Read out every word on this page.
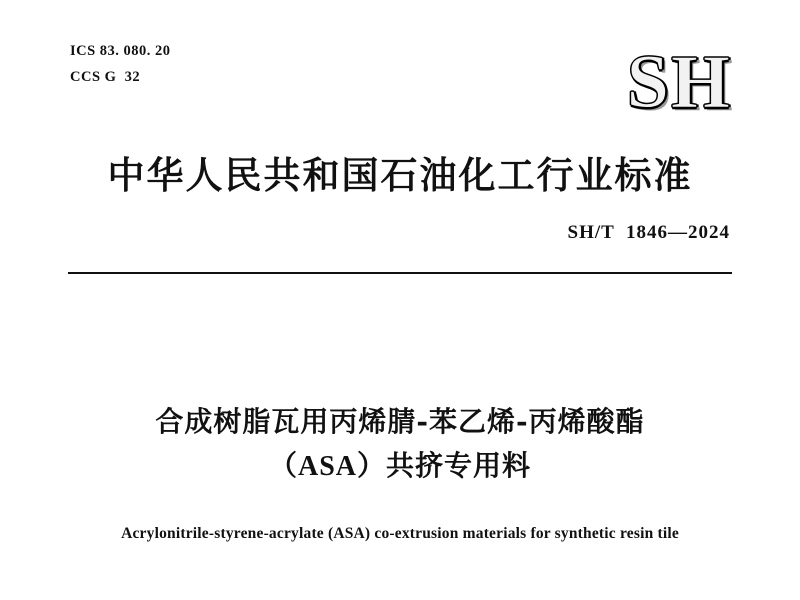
ICS 83. 080. 20
CCS G  32	SH
中华人民共和国石油化工行业标准
SH/T  1846—2024
合成树脂瓦用丙烯腈-苯乙烯-丙烯酸酯
（ASA）共挤专用料
Acrylonitrile-styrene-acrylate (ASA) co-extrusion materials for synthetic resin tile
